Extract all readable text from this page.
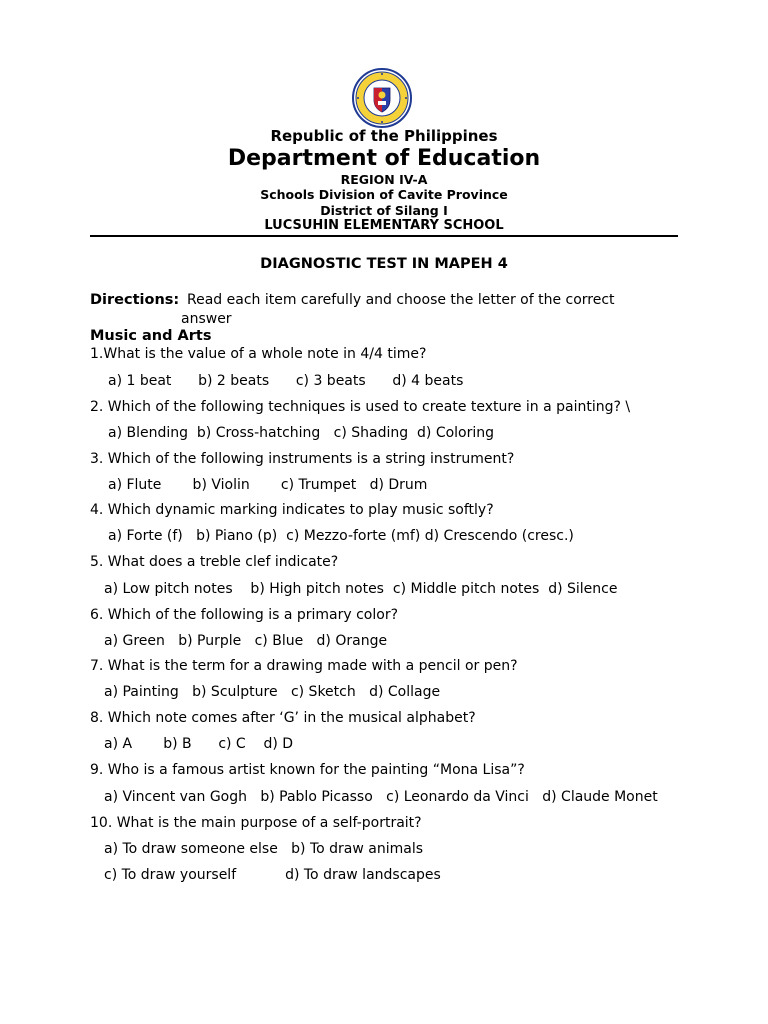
Republic of the Philippines
Department of Education
REGION IV-A
Schools Division of Cavite Province
District of Silang I
LUCSUHIN ELEMENTARY SCHOOL
DIAGNOSTIC TEST IN MAPEH 4
Directions: Read each item carefully and choose the letter of the correct
answer
Music and Arts
1.What is the value of a whole note in 4/4 time?
a) 1 beat      b) 2 beats      c) 3 beats      d) 4 beats
2. Which of the following techniques is used to create texture in a painting? \
a) Blending  b) Cross-hatching   c) Shading  d) Coloring
3. Which of the following instruments is a string instrument?
a) Flute       b) Violin       c) Trumpet   d) Drum
4. Which dynamic marking indicates to play music softly?
a) Forte (f)   b) Piano (p)  c) Mezzo-forte (mf) d) Crescendo (cresc.)
5. What does a treble clef indicate?
a) Low pitch notes    b) High pitch notes  c) Middle pitch notes  d) Silence
6. Which of the following is a primary color?
a) Green   b) Purple   c) Blue   d) Orange
7. What is the term for a drawing made with a pencil or pen?
a) Painting   b) Sculpture   c) Sketch   d) Collage
8. Which note comes after ‘G’ in the musical alphabet?
a) A       b) B      c) C    d) D
9. Who is a famous artist known for the painting “Mona Lisa”?
a) Vincent van Gogh   b) Pablo Picasso   c) Leonardo da Vinci   d) Claude Monet
10. What is the main purpose of a self-portrait?
a) To draw someone else   b) To draw animals
c) To draw yourself           d) To draw landscapes
